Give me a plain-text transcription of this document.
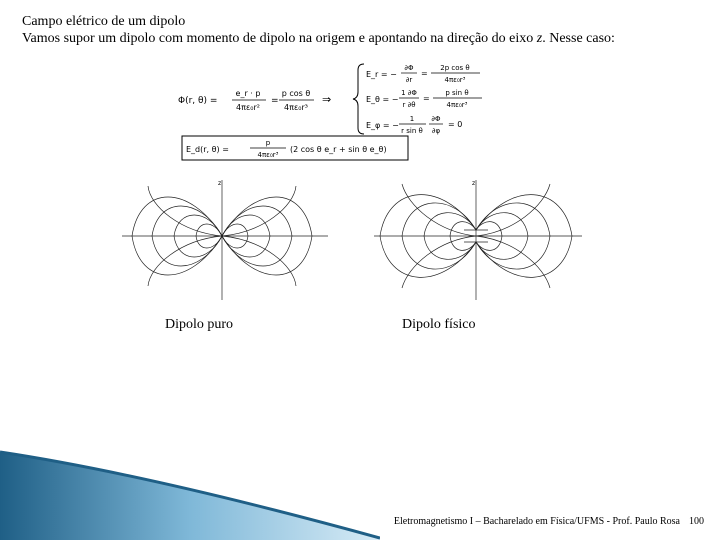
Campo elétrico de um dipolo
Vamos supor um dipolo com momento de dipolo na origem e apontando na direção do eixo z. Nesse caso:
Φ(r, θ) =
e_r · p
4πε₀r²
=
p cos θ
4πε₀r³
⇒
E_r = −
∂Φ
∂r
=
2p cos θ
4πε₀r³
E_θ = −
1 ∂Φ
r ∂θ
=
p sin θ
4πε₀r³
E_φ = −
1
r sin θ
∂Φ
∂φ
= 0
E_d(r, θ) =
p
4πε₀r³
(2 cos θ e_r + sin θ e_θ)
z	z
Dipolo puro	Dipolo físico
Eletromagnetismo I – Bacharelado em Física/UFMS - Prof. Paulo Rosa 100
